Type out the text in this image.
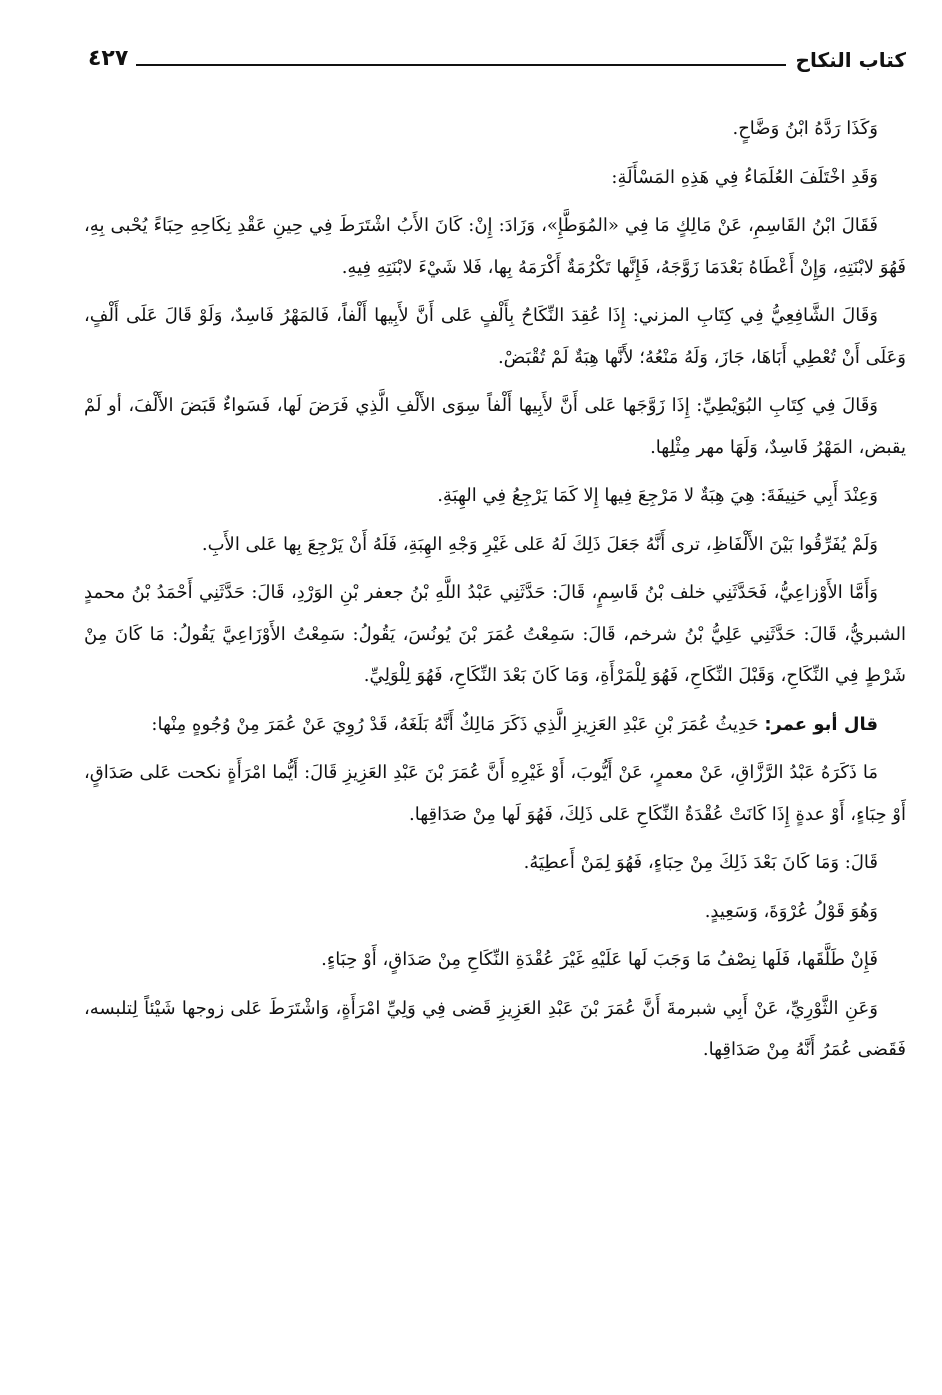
كتاب النكاح
٤٢٧

وَكَذَا رَدَّهُ ابْنُ وَضَّاحٍ.

وَقَدِ اخْتَلَفَ العُلَمَاءُ فِي هَذِهِ المَسْأَلَةِ:

فَقَالَ ابْنُ القَاسِمِ، عَنْ مَالِكٍ مَا فِي «المُوَطَّإِ»، وَزَادَ: إِنْ: كَانَ الأَبُ اشْتَرَطَ فِي حِينِ عَقْدِ نِكَاحِهِ حِبَاءً يُحْبى بِهِ، فَهُوَ لابْنَتِهِ، وَإِنْ أَعْطَاهُ بَعْدَمَا زَوَّجَهُ، فَإِنَّها تَكْرُمَةٌ أَكْرَمَهُ بِها، فَلا شَيْءَ لابْنَتِهِ فِيهِ.

وَقَالَ الشَّافِعِيُّ فِي كِتَابِ المزني: إِذَا عُقِدَ النِّكَاحُ بِأَلْفٍ عَلى أَنَّ لأَبِيها أَلْفاً، فَالمَهْرُ فَاسِدٌ، وَلَوْ قَالَ عَلَى أَلْفٍ، وَعَلَى أَنْ تُعْطِي أَبَاهَا، جَازَ، وَلَهُ مَنْعُهُ؛ لأَنَّها هِبَةٌ لَمْ تُقْبَضْ.

وَقَالَ فِي كِتَابِ البُوَيْطِيِّ: إِذَا زَوَّجَها عَلى أَنَّ لأَبِيها أَلْفاً سِوَى الأَلْفِ الَّذِي فَرَضَ لَها، فَسَواءٌ قَبَضَ الأَلْفَ، أو لَمْ يقبض، المَهْرُ فَاسِدٌ، وَلَهَا مهر مِثْلِها.

وَعِنْدَ أَبِي حَنِيفَةَ: هِيَ هِبَةٌ لا مَرْجِعَ فِيها إِلا كَمَا يَرْجِعُ فِي الهِبَةِ.

وَلَمْ يُفَرِّقُوا بَيْنَ الأَلْفَاظِ، ترى أَنَّهُ جَعَلَ ذَلِكَ لَهُ عَلى غَيْرِ وَجْهِ الهِبَةِ، فَلَهُ أَنْ يَرْجِعَ بِها عَلى الأَبِ.

وَأَمَّا الأَوْزاعِيُّ، فَحَدَّثَنِي خلف بْنُ قَاسِمٍ، قَالَ: حَدَّثَنِي عَبْدُ اللَّهِ بْنُ جعفر بْنِ الوَرْدِ، قَالَ: حَدَّثَنِي أَحْمَدُ بْنُ محمدٍ الشبريُّ، قَالَ: حَدَّثَنِي عَلِيُّ بْنُ شرخم، قَالَ: سَمِعْتُ عُمَرَ بْنَ يُونُسَ، يَقُولُ: سَمِعْتُ الأَوْزَاعِيَّ يَقُولُ: مَا كَانَ مِنْ شَرْطٍ فِي النِّكَاحِ، وَقَبْلَ النِّكَاحِ، فَهُوَ لِلْمَرْأَةِ، وَمَا كَانَ بَعْدَ النِّكَاحِ، فَهُوَ لِلْوَلِيِّ.

قال أبو عمر: حَدِيثُ عُمَرَ بْنِ عَبْدِ العَزِيزِ الَّذِي ذَكَرَ مَالِكٌ أَنَّهُ بَلَغَهُ، قَدْ رُوِيَ عَنْ عُمَرَ مِنْ وُجُوهٍ مِنْها:

مَا ذَكَرَهُ عَبْدُ الرَّزَّاقِ، عَنْ معمرٍ، عَنْ أَيُّوبَ، أَوْ غَيْرِهِ أَنَّ عُمَرَ بْنَ عَبْدِ العَزِيزِ قَالَ: أَيُّما امْرَأَةٍ نكحت عَلى صَدَاقٍ، أَوْ حِبَاءٍ، أَوْ عدةٍ إِذَا كَانَتْ عُقْدَةُ النِّكَاحِ عَلى ذَلِكَ، فَهُوَ لَها مِنْ صَدَاقِها.

قَالَ: وَمَا كَانَ بَعْدَ ذَلِكَ مِنْ حِبَاءٍ، فَهُوَ لِمَنْ أَعطِيَهُ.

وَهُوَ قَوْلُ عُرْوَةَ، وَسَعِيدٍ.

فَإِنْ طَلَّقَها، فَلَها نِصْفُ مَا وَجَبَ لَها عَلَيْهِ غَيْرَ عُقْدَةِ النِّكَاحِ مِنْ صَدَاقٍ، أَوْ حِبَاءٍ.

وَعَنِ الثَّوْرِيِّ، عَنْ أَبِي شبرمةَ أَنَّ عُمَرَ بْنَ عَبْدِ العَزِيزِ قَضى فِي وَلِيِّ امْرَأَةٍ، وَاشْتَرَطَ عَلى زوجها شَيْئاً لِتلبسه، فَقَضى عُمَرُ أَنَّهُ مِنْ صَدَاقِها.
